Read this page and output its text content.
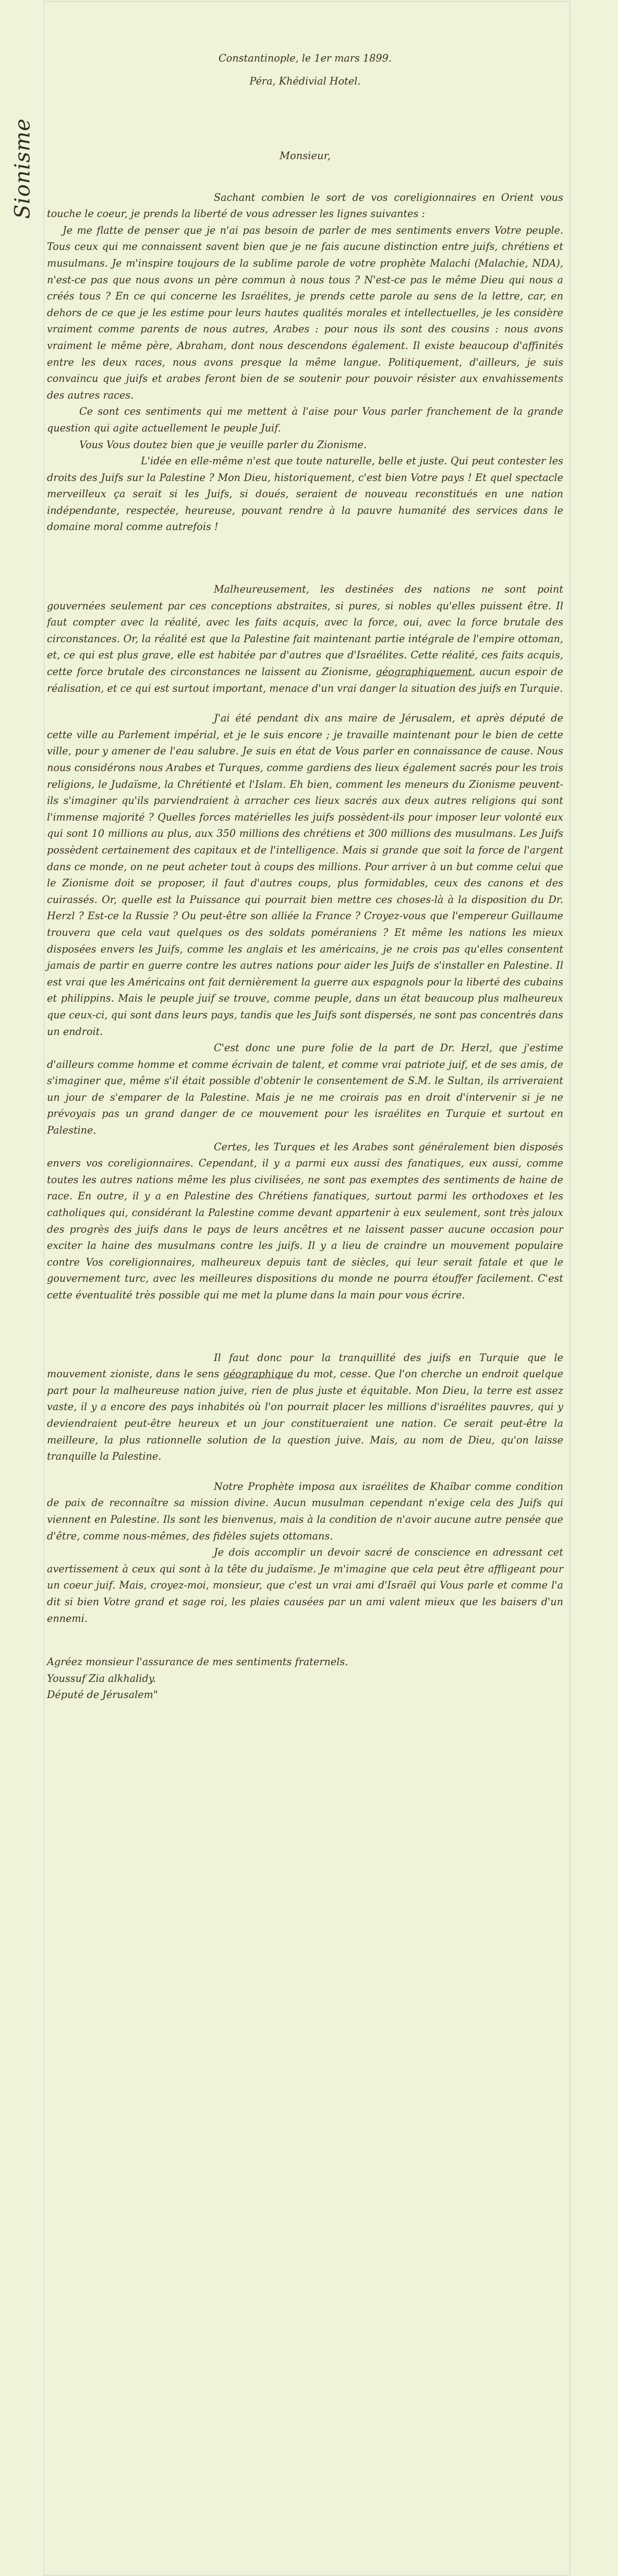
Sionisme
Constantinople, le 1er mars 1899.
Péra, Khédivial Hotel.
Monsieur,

Sachant combien le sort de vos coreligionnaires en Orient vous touche le coeur, je prends la liberté de vous adresser les lignes suivantes :

Je me flatte de penser que je n'ai pas besoin de parler de mes sentiments envers Votre peuple. Tous ceux qui me connaissent savent bien que je ne fais aucune distinction entre juifs, chrétiens et musulmans. Je m'inspire toujours de la sublime parole de votre prophète Malachi (Malachie, NDA), n'est-ce pas que nous avons un père commun à nous tous ? N'est-ce pas le même Dieu qui nous a créés tous ? En ce qui concerne les Israélites, je prends cette parole au sens de la lettre, car, en dehors de ce que je les estime pour leurs hautes qualités morales et intellectuelles, je les considère vraiment comme parents de nous autres, Arabes : pour nous ils sont des cousins : nous avons vraiment le même père, Abraham, dont nous descendons également. Il existe beaucoup d'affinités entre les deux races, nous avons presque la même langue. Politiquement, d'ailleurs, je suis convaincu que juifs et arabes feront bien de se soutenir pour pouvoir résister aux envahissements des autres races.

Ce sont ces sentiments qui me mettent à l'aise pour Vous parler franchement de la grande question qui agite actuellement le peuple Juif.

Vous Vous doutez bien que je veuille parler du Zionisme.

L'idée en elle-même n'est que toute naturelle, belle et juste. Qui peut contester les droits des Juifs sur la Palestine ? Mon Dieu, historiquement, c'est bien Votre pays ! Et quel spectacle merveilleux ça serait si les Juifs, si doués, seraient de nouveau reconstitués en une nation indépendante, respectée, heureuse, pouvant rendre à la pauvre humanité des services dans le domaine moral comme autrefois !

Malheureusement, les destinées des nations ne sont point gouvernées seulement par ces conceptions abstraites, si pures, si nobles qu'elles puissent être. Il faut compter avec la réalité, avec les faits acquis, avec la force, oui, avec la force brutale des circonstances. Or, la réalité est que la Palestine fait maintenant partie intégrale de l'empire ottoman, et, ce qui est plus grave, elle est habitée par d'autres que d'Israélites. Cette réalité, ces faits acquis, cette force brutale des circonstances ne laissent au Zionisme, géographiquement, aucun espoir de réalisation, et ce qui est surtout important, menace d'un vrai danger la situation des juifs en Turquie.

J'ai été pendant dix ans maire de Jérusalem, et après député de cette ville au Parlement impérial, et je le suis encore ; je travaille maintenant pour le bien de cette ville, pour y amener de l'eau salubre. Je suis en état de Vous parler en connaissance de cause. Nous nous considérons nous Arabes et Turques, comme gardiens des lieux également sacrés pour les trois religions, le Judaïsme, la Chrétienté et l'Islam. Eh bien, comment les meneurs du Zionisme peuvent-ils s'imaginer qu'ils parviendraient à arracher ces lieux sacrés aux deux autres religions qui sont l'immense majorité ? Quelles forces matérielles les juifs possèdent-ils pour imposer leur volonté eux qui sont 10 millions au plus, aux 350 millions des chrétiens et 300 millions des musulmans. Les Juifs possèdent certainement des capitaux et de l'intelligence. Mais si grande que soit la force de l'argent dans ce monde, on ne peut acheter tout à coups des millions. Pour arriver à un but comme celui que le Zionisme doit se proposer, il faut d'autres coups, plus formidables, ceux des canons et des cuirassés. Or, quelle est la Puissance qui pourrait bien mettre ces choses-là à la disposition du Dr. Herzl ? Est-ce la Russie ? Ou peut-être son alliée la France ? Croyez-vous que l'empereur Guillaume trouvera que cela vaut quelques os des soldats poméraniens ? Et même les nations les mieux disposées envers les Juifs, comme les anglais et les américains, je ne crois pas qu'elles consentent jamais de partir en guerre contre les autres nations pour aider les Juifs de s'installer en Palestine. Il est vrai que les Américains ont fait dernièrement la guerre aux espagnols pour la liberté des cubains et philippins. Mais le peuple juif se trouve, comme peuple, dans un état beaucoup plus malheureux que ceux-ci, qui sont dans leurs pays, tandis que les Juifs sont dispersés, ne sont pas concentrés dans un endroit.

C'est donc une pure folie de la part de Dr. Herzl, que j'estime d'ailleurs comme homme et comme écrivain de talent, et comme vrai patriote juif, et de ses amis, de s'imaginer que, même s'il était possible d'obtenir le consentement de S.M. le Sultan, ils arriveraient un jour de s'emparer de la Palestine. Mais je ne me croirais pas en droit d'intervenir si je ne prévoyais pas un grand danger de ce mouvement pour les israélites en Turquie et surtout en Palestine.

Certes, les Turques et les Arabes sont généralement bien disposés envers vos coreligionnaires. Cependant, il y a parmi eux aussi des fanatiques, eux aussi, comme toutes les autres nations même les plus civilisées, ne sont pas exemptes des sentiments de haine de race. En outre, il y a en Palestine des Chrétiens fanatiques, surtout parmi les orthodoxes et les catholiques qui, considérant la Palestine comme devant appartenir à eux seulement, sont très jaloux des progrès des juifs dans le pays de leurs ancêtres et ne laissent passer aucune occasion pour exciter la haine des musulmans contre les juifs. Il y a lieu de craindre un mouvement populaire contre Vos coreligionnaires, malheureux depuis tant de siècles, qui leur serait fatale et que le gouvernement turc, avec les meilleures dispositions du monde ne pourra étouffer facilement. C'est cette éventualité très possible qui me met la plume dans la main pour vous écrire.

Il faut donc pour la tranquillité des juifs en Turquie que le mouvement zioniste, dans le sens géographique du mot, cesse. Que l'on cherche un endroit quelque part pour la malheureuse nation juive, rien de plus juste et équitable. Mon Dieu, la terre est assez vaste, il y a encore des pays inhabités où l'on pourrait placer les millions d'israélites pauvres, qui y deviendraient peut-être heureux et un jour constitueraient une nation. Ce serait peut-être la meilleure, la plus rationnelle solution de la question juive. Mais, au nom de Dieu, qu'on laisse tranquille la Palestine.

Notre Prophète imposa aux israélites de Khaïbar comme condition de paix de reconnaître sa mission divine. Aucun musulman cependant n'exige cela des Juifs qui viennent en Palestine. Ils sont les bienvenus, mais à la condition de n'avoir aucune autre pensée que d'être, comme nous-mêmes, des fidèles sujets ottomans.

Je dois accomplir un devoir sacré de conscience en adressant cet avertissement à ceux qui sont à la tête du judaïsme. Je m'imagine que cela peut être affligeant pour un coeur juif. Mais, croyez-moi, monsieur, que c'est un vrai ami d'Israël qui Vous parle et comme l'a dit si bien Votre grand et sage roi, les plaies causées par un ami valent mieux que les baisers d'un ennemi.

Agréez monsieur l'assurance de mes sentiments fraternels.
Youssuf Zia alkhalidy.
Député de Jérusalem"
